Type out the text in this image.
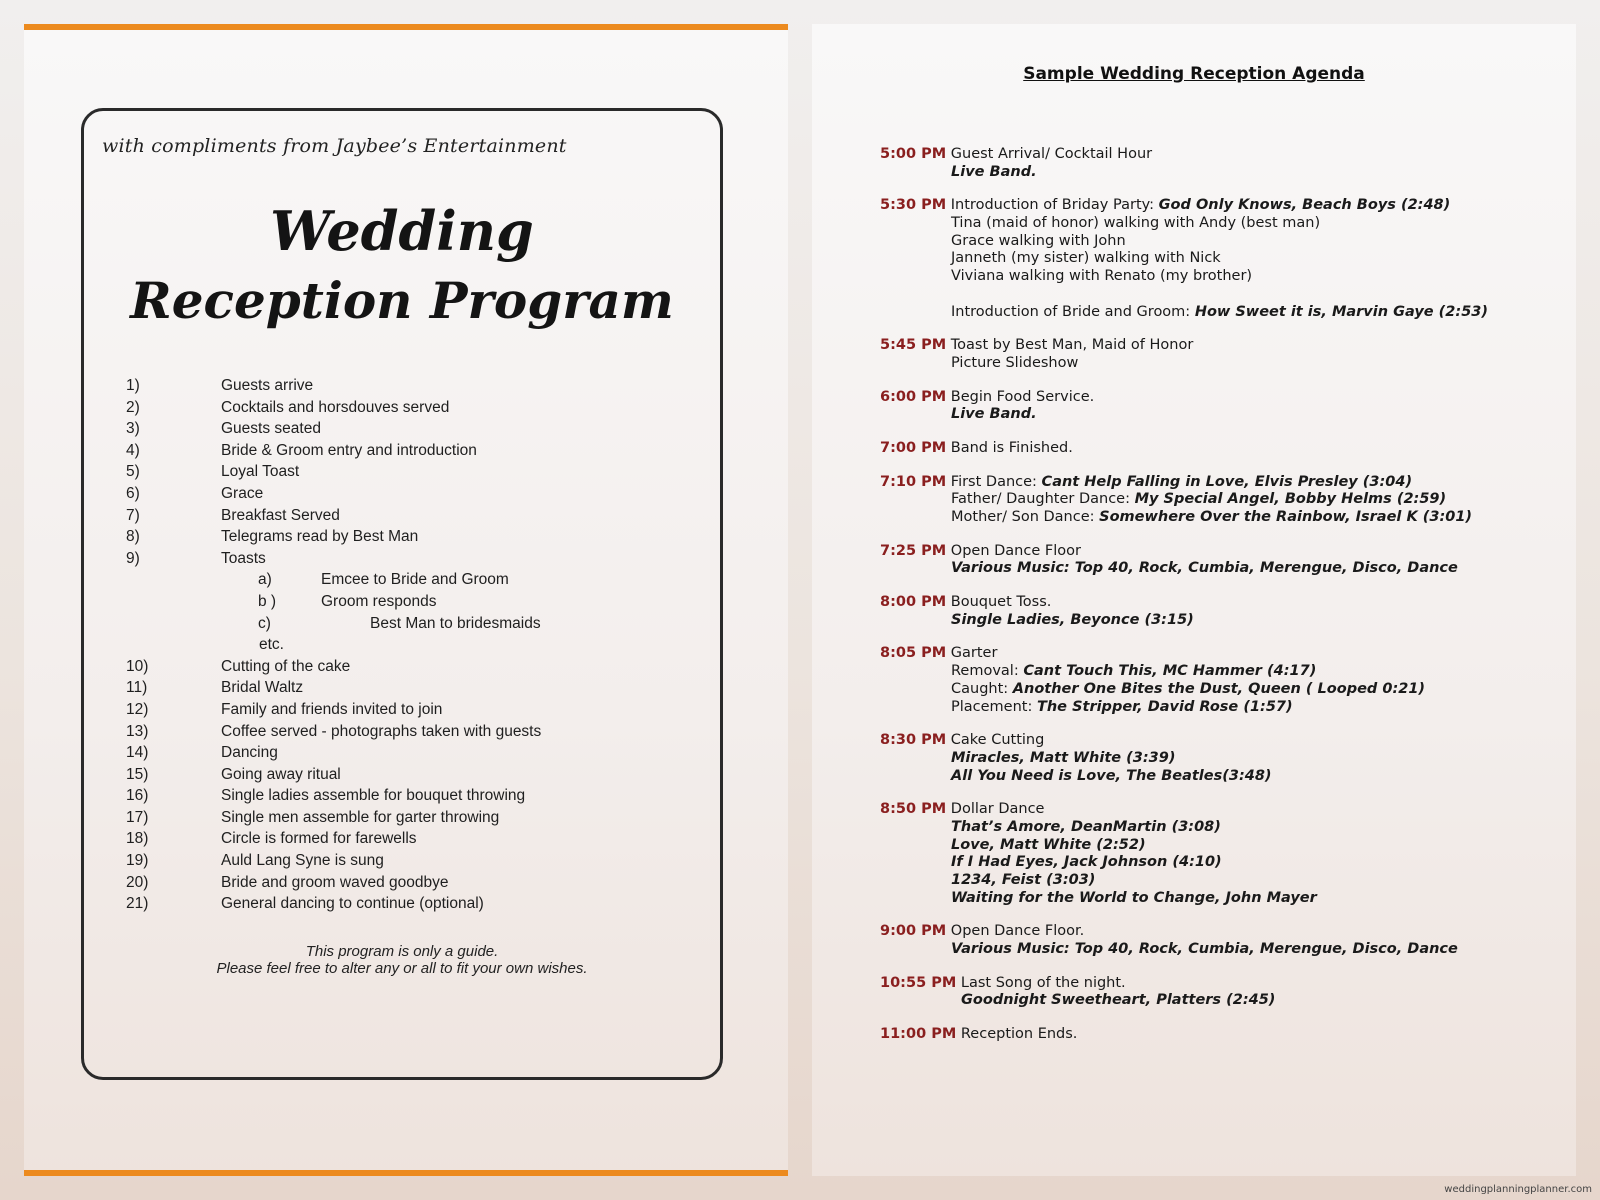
with compliments from Jaybee’s Entertainment
Wedding
Reception Program
1)	Guests arrive
2)	Cocktails and horsdouves served
3)	Guests seated
4)	Bride & Groom entry and introduction
5)	Loyal Toast
6)	Grace
7)	Breakfast Served
8)	Telegrams read by Best Man
9)	Toasts
a)	Emcee to Bride and Groom
b )	Groom responds
c)	Best Man to bridesmaids
etc.
10)	Cutting of the cake
11)	Bridal Waltz
12)	Family and friends invited to join
13)	Coffee served - photographs taken with guests
14)	Dancing
15)	Going away ritual
16)	Single ladies assemble for bouquet throwing
17)	Single men assemble for garter throwing
18)	Circle is formed for farewells
19)	Auld Lang Syne is sung
20)	Bride and groom waved goodbye
21)	General dancing to continue (optional)
This program is only a guide.
Please feel free to alter any or all to fit your own wishes.
Sample Wedding Reception Agenda
5:00 PM Guest Arrival/ Cocktail Hour
Live Band.
5:30 PM Introduction of Briday Party: God Only Knows, Beach Boys (2:48)
Tina (maid of honor) walking with Andy (best man)
Grace walking with John
Janneth (my sister) walking with Nick
Viviana walking with Renato (my brother)
Introduction of Bride and Groom: How Sweet it is, Marvin Gaye (2:53)
5:45 PM Toast by Best Man, Maid of Honor
Picture Slideshow
6:00 PM Begin Food Service.
Live Band.
7:00 PM Band is Finished.
7:10 PM First Dance: Cant Help Falling in Love, Elvis Presley (3:04)
Father/ Daughter Dance: My Special Angel, Bobby Helms (2:59)
Mother/ Son Dance: Somewhere Over the Rainbow, Israel K (3:01)
7:25 PM Open Dance Floor
Various Music: Top 40, Rock, Cumbia, Merengue, Disco, Dance
8:00 PM Bouquet Toss.
Single Ladies, Beyonce (3:15)
8:05 PM Garter
Removal: Cant Touch This, MC Hammer (4:17)
Caught: Another One Bites the Dust, Queen ( Looped 0:21)
Placement: The Stripper, David Rose (1:57)
8:30 PM Cake Cutting
Miracles, Matt White (3:39)
All You Need is Love, The Beatles(3:48)
8:50 PM Dollar Dance
That’s Amore, DeanMartin (3:08)
Love, Matt White (2:52)
If I Had Eyes, Jack Johnson (4:10)
1234, Feist (3:03)
Waiting for the World to Change, John Mayer
9:00 PM Open Dance Floor.
Various Music: Top 40, Rock, Cumbia, Merengue, Disco, Dance
10:55 PM Last Song of the night.
Goodnight Sweetheart, Platters (2:45)
11:00 PM Reception Ends.
weddingplanningplanner.com
